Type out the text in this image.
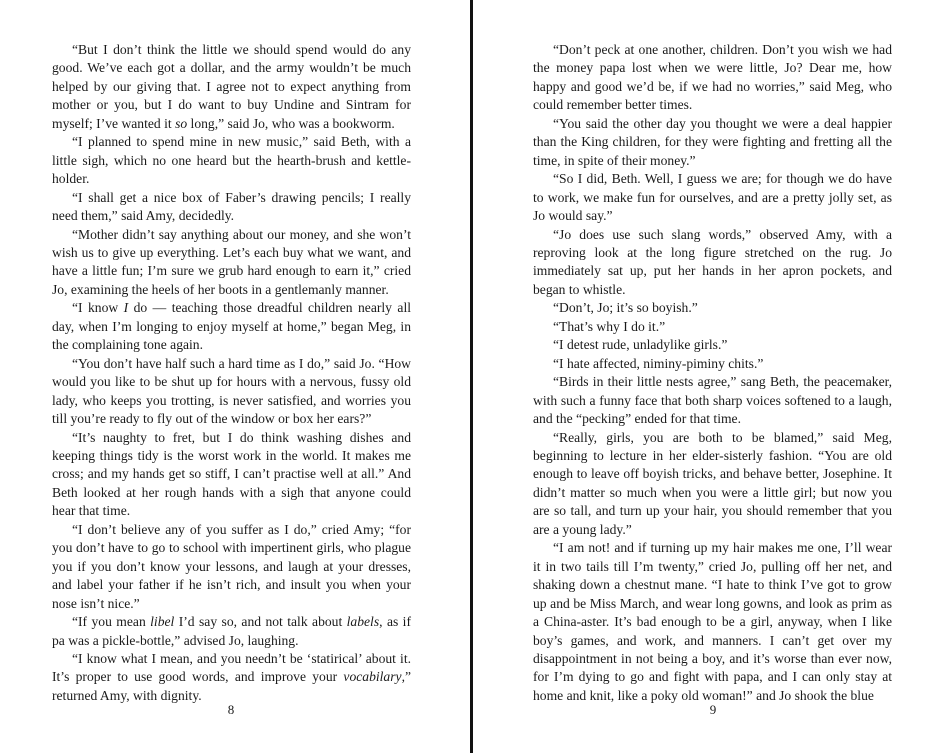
“But I don’t think the little we should spend would do any good. We’ve each got a dollar, and the army wouldn’t be much helped by our giving that. I agree not to expect anything from mother or you, but I do want to buy Undine and Sintram for myself; I’ve wanted it so long,” said Jo, who was a bookworm.

“I planned to spend mine in new music,” said Beth, with a little sigh, which no one heard but the hearth-brush and kettle-holder.

“I shall get a nice box of Faber’s drawing pencils; I really need them,” said Amy, decidedly.

“Mother didn’t say anything about our money, and she won’t wish us to give up everything. Let’s each buy what we want, and have a little fun; I’m sure we grub hard enough to earn it,” cried Jo, examining the heels of her boots in a gentlemanly manner.

“I know I do — teaching those dreadful children nearly all day, when I’m longing to enjoy myself at home,” began Meg, in the complaining tone again.

“You don’t have half such a hard time as I do,” said Jo. “How would you like to be shut up for hours with a nervous, fussy old lady, who keeps you trotting, is never satisfied, and worries you till you’re ready to fly out of the window or box her ears?”

“It’s naughty to fret, but I do think washing dishes and keeping things tidy is the worst work in the world. It makes me cross; and my hands get so stiff, I can’t practise well at all.” And Beth looked at her rough hands with a sigh that anyone could hear that time.

“I don’t believe any of you suffer as I do,” cried Amy; “for you don’t have to go to school with impertinent girls, who plague you if you don’t know your lessons, and laugh at your dresses, and label your father if he isn’t rich, and insult you when your nose isn’t nice.”

“If you mean libel I’d say so, and not talk about labels, as if pa was a pickle-bottle,” advised Jo, laughing.

“I know what I mean, and you needn’t be ‘statirical’ about it. It’s proper to use good words, and improve your vocabilary,” returned Amy, with dignity.

8

“Don’t peck at one another, children. Don’t you wish we had the money papa lost when we were little, Jo? Dear me, how happy and good we’d be, if we had no worries,” said Meg, who could remember better times.

“You said the other day you thought we were a deal happier than the King children, for they were fighting and fretting all the time, in spite of their money.”

“So I did, Beth. Well, I guess we are; for though we do have to work, we make fun for ourselves, and are a pretty jolly set, as Jo would say.”

“Jo does use such slang words,” observed Amy, with a reproving look at the long figure stretched on the rug. Jo immediately sat up, put her hands in her apron pockets, and began to whistle.

“Don’t, Jo; it’s so boyish.”

“That’s why I do it.”

“I detest rude, unladylike girls.”

“I hate affected, niminy-piminy chits.”

“Birds in their little nests agree,” sang Beth, the peacemaker, with such a funny face that both sharp voices softened to a laugh, and the “pecking” ended for that time.

“Really, girls, you are both to be blamed,” said Meg, beginning to lecture in her elder-sisterly fashion. “You are old enough to leave off boyish tricks, and behave better, Josephine. It didn’t matter so much when you were a little girl; but now you are so tall, and turn up your hair, you should remember that you are a young lady.”

“I am not! and if turning up my hair makes me one, I’ll wear it in two tails till I’m twenty,” cried Jo, pulling off her net, and shaking down a chestnut mane. “I hate to think I’ve got to grow up and be Miss March, and wear long gowns, and look as prim as a China-aster. It’s bad enough to be a girl, anyway, when I like boy’s games, and work, and manners. I can’t get over my disappointment in not being a boy, and it’s worse than ever now, for I’m dying to go and fight with papa, and I can only stay at home and knit, like a poky old woman!” and Jo shook the blue

9
